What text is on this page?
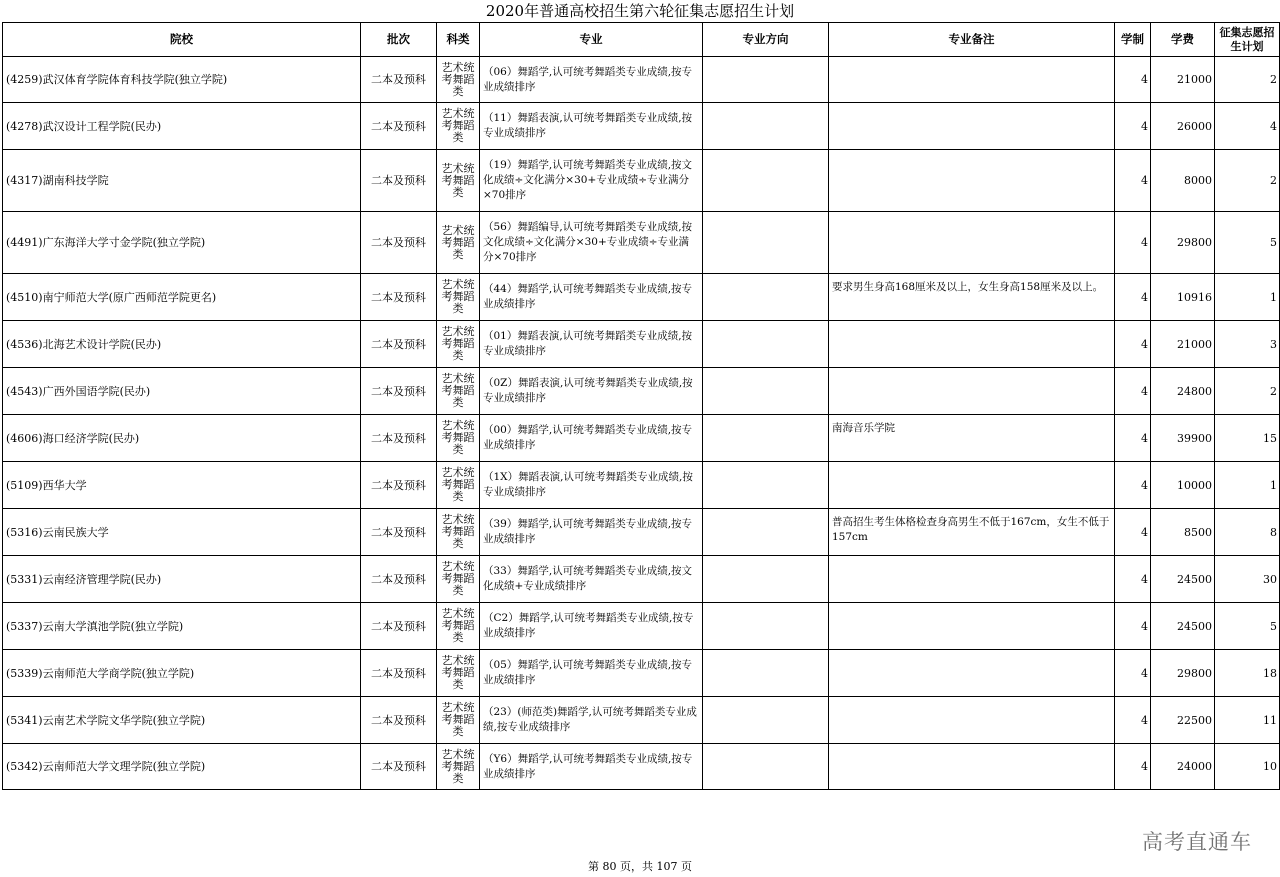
2020年普通高校招生第六轮征集志愿招生计划
院校	批次	科类	专业	专业方向	专业备注	学制	学费	征集志愿招生计划
(4259)武汉体育学院体育科技学院(独立学院)	二本及预科	艺术统考舞蹈类	（06）舞蹈学,认可统考舞蹈类专业成绩,按专业成绩排序			4	21000	2
(4278)武汉设计工程学院(民办)	二本及预科	艺术统考舞蹈类	（11）舞蹈表演,认可统考舞蹈类专业成绩,按专业成绩排序			4	26000	4
(4317)湖南科技学院	二本及预科	艺术统考舞蹈类	（19）舞蹈学,认可统考舞蹈类专业成绩,按文化成绩÷文化满分×30+专业成绩÷专业满分×70排序			4	8000	2
(4491)广东海洋大学寸金学院(独立学院)	二本及预科	艺术统考舞蹈类	（56）舞蹈编导,认可统考舞蹈类专业成绩,按文化成绩÷文化满分×30+专业成绩÷专业满分×70排序			4	29800	5
(4510)南宁师范大学(原广西师范学院更名)	二本及预科	艺术统考舞蹈类	（44）舞蹈学,认可统考舞蹈类专业成绩,按专业成绩排序		要求男生身高168厘米及以上，女生身高158厘米及以上。	4	10916	1
(4536)北海艺术设计学院(民办)	二本及预科	艺术统考舞蹈类	（01）舞蹈表演,认可统考舞蹈类专业成绩,按专业成绩排序			4	21000	3
(4543)广西外国语学院(民办)	二本及预科	艺术统考舞蹈类	（0Z）舞蹈表演,认可统考舞蹈类专业成绩,按专业成绩排序			4	24800	2
(4606)海口经济学院(民办)	二本及预科	艺术统考舞蹈类	（00）舞蹈学,认可统考舞蹈类专业成绩,按专业成绩排序		南海音乐学院	4	39900	15
(5109)西华大学	二本及预科	艺术统考舞蹈类	（1X）舞蹈表演,认可统考舞蹈类专业成绩,按专业成绩排序			4	10000	1
(5316)云南民族大学	二本及预科	艺术统考舞蹈类	（39）舞蹈学,认可统考舞蹈类专业成绩,按专业成绩排序		普高招生考生体格检查身高男生不低于167cm，女生不低于157cm	4	8500	8
(5331)云南经济管理学院(民办)	二本及预科	艺术统考舞蹈类	（33）舞蹈学,认可统考舞蹈类专业成绩,按文化成绩+专业成绩排序			4	24500	30
(5337)云南大学滇池学院(独立学院)	二本及预科	艺术统考舞蹈类	（C2）舞蹈学,认可统考舞蹈类专业成绩,按专业成绩排序			4	24500	5
(5339)云南师范大学商学院(独立学院)	二本及预科	艺术统考舞蹈类	（05）舞蹈学,认可统考舞蹈类专业成绩,按专业成绩排序			4	29800	18
(5341)云南艺术学院文华学院(独立学院)	二本及预科	艺术统考舞蹈类	（23）(师范类)舞蹈学,认可统考舞蹈类专业成绩,按专业成绩排序			4	22500	11
(5342)云南师范大学文理学院(独立学院)	二本及预科	艺术统考舞蹈类	（Y6）舞蹈学,认可统考舞蹈类专业成绩,按专业成绩排序			4	24000	10
高考直通车
第 80 页，共 107 页
